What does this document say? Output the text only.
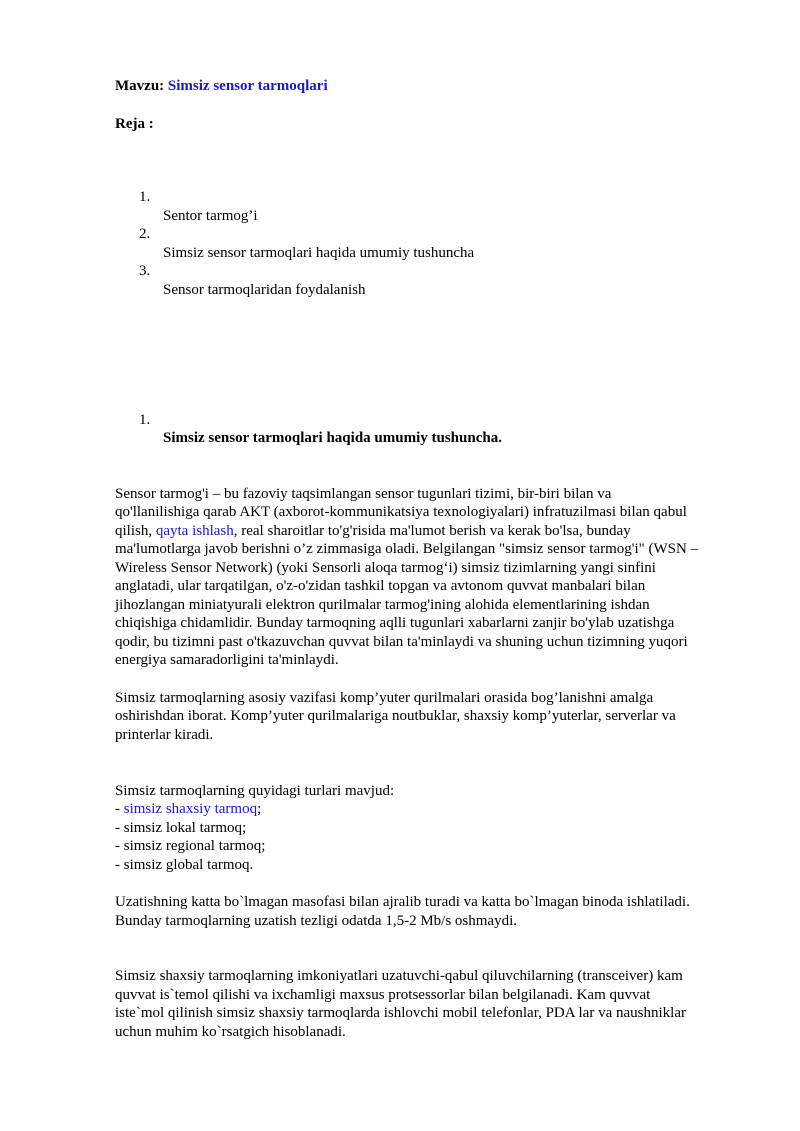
Mavzu: Simsiz sensor tarmoqlari
Reja :
1.
Sentor tarmog’i
2.
Simsiz sensor tarmoqlari haqida umumiy tushuncha
3.
Sensor tarmoqlaridan foydalanish
1.
Simsiz sensor tarmoqlari haqida umumiy tushuncha.
Sensor tarmog'i – bu fazoviy taqsimlangan sensor tugunlari tizimi, bir-biri bilan va
qo'llanilishiga qarab AKT (axborot-kommunikatsiya texnologiyalari) infratuzilmasi bilan qabul
qilish, qayta ishlash, real sharoitlar to'g'risida ma'lumot berish va kerak bo'lsa, bunday
ma'lumotlarga javob berishni o’z zimmasiga oladi. Belgilangan "simsiz sensor tarmog'i" (WSN –
Wireless Sensor Network) (yoki Sensorli aloqa tarmog‘i) simsiz tizimlarning yangi sinfini
anglatadi, ular tarqatilgan, o'z-o'zidan tashkil topgan va avtonom quvvat manbalari bilan
jihozlangan miniatyurali elektron qurilmalar tarmog'ining alohida elementlarining ishdan
chiqishiga chidamlidir. Bunday tarmoqning aqlli tugunlari xabarlarni zanjir bo'ylab uzatishga
qodir, bu tizimni past o'tkazuvchan quvvat bilan ta'minlaydi va shuning uchun tizimning yuqori
energiya samaradorligini ta'minlaydi.
Simsiz tarmoqlarning asosiy vazifasi komp’yuter qurilmalari orasida bog’lanishni amalga
oshirishdan iborat. Komp’yuter qurilmalariga noutbuklar, shaxsiy komp’yuterlar, serverlar va
printerlar kiradi.
Simsiz tarmoqlarning quyidagi turlari mavjud:
- simsiz shaxsiy tarmoq;
- simsiz lokal tarmoq;
- simsiz regional tarmoq;
- simsiz global tarmoq.
Uzatishning katta bo`lmagan masofasi bilan ajralib turadi va katta bo`lmagan binoda ishlatiladi.
Bunday tarmoqlarning uzatish tezligi odatda 1,5-2 Mb/s oshmaydi.
Simsiz shaxsiy tarmoqlarning imkoniyatlari uzatuvchi-qabul qiluvchilarning (transceiver) kam
quvvat is`temol qilishi va ixchamligi maxsus protsessorlar bilan belgilanadi. Kam quvvat
iste`mol qilinish simsiz shaxsiy tarmoqlarda ishlovchi mobil telefonlar, PDA lar va naushniklar
uchun muhim ko`rsatgich hisoblanadi.
